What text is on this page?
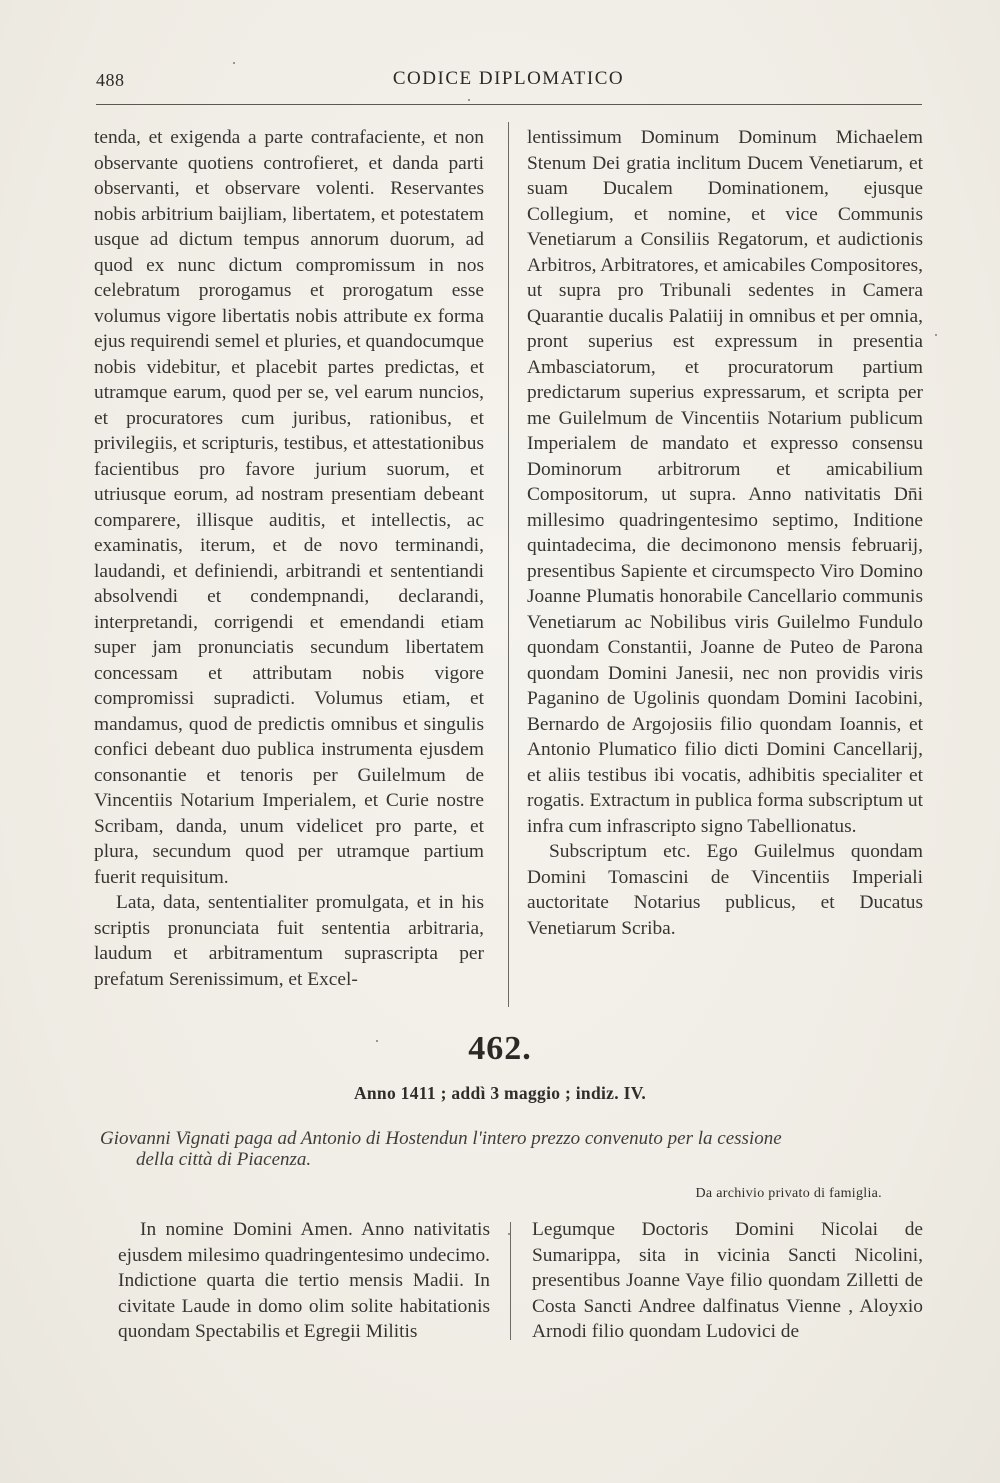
488	CODICE DIPLOMATICO

tenda, et exigenda a parte contrafaciente, et non observante quotiens controfieret, et danda parti observanti, et observare volenti. Reservantes nobis arbitrium baijliam, libertatem, et potestatem usque ad dictum tempus annorum duorum, ad quod ex nunc dictum compromissum in nos celebratum prorogamus et prorogatum esse volumus vigore libertatis nobis attribute ex forma ejus requirendi semel et pluries, et quandocumque nobis videbitur, et placebit partes predictas, et utramque earum, quod per se, vel earum nuncios, et procuratores cum juribus, rationibus, et privilegiis, et scripturis, testibus, et attestationibus facientibus pro favore jurium suorum, et utriusque eorum, ad nostram presentiam debeant comparere, illisque auditis, et intellectis, ac examinatis, iterum, et de novo terminandi, laudandi, et definiendi, arbitrandi et sententiandi absolvendi et condempnandi, declarandi, interpretandi, corrigendi et emendandi etiam super jam pronunciatis secundum libertatem concessam et attributam nobis vigore compromissi supradicti. Volumus etiam, et mandamus, quod de predictis omnibus et singulis confici debeant duo publica instrumenta ejusdem consonantie et tenoris per Guilelmum de Vincentiis Notarium Imperialem, et Curie nostre Scribam, danda, unum videlicet pro parte, et plura, secundum quod per utramque partium fuerit requisitum.

Lata, data, sententialiter promulgata, et in his scriptis pronunciata fuit sententia arbitraria, laudum et arbitramentum suprascripta per prefatum Serenissimum, et Excel-

lentissimum Dominum Dominum Michaelem Stenum Dei gratia inclitum Ducem Venetiarum, et suam Ducalem Dominationem, ejusque Collegium, et nomine, et vice Communis Venetiarum a Consiliis Regatorum, et audictionis Arbitros, Arbitratores, et amicabiles Compositores, ut supra pro Tribunali sedentes in Camera Quarantie ducalis Palatiij in omnibus et per omnia, pront superius est expressum in presentia Ambasciatorum, et procuratorum partium predictarum superius expressarum, et scripta per me Guilelmum de Vincentiis Notarium publicum Imperialem de mandato et expresso consensu Dominorum arbitrorum et amicabilium Compositorum, ut supra. Anno nativitatis Dn̄i millesimo quadringentesimo septimo, Inditione quintadecima, die decimonono mensis februarij, presentibus Sapiente et circumspecto Viro Domino Joanne Plumatis honorabile Cancellario communis Venetiarum ac Nobilibus viris Guilelmo Fundulo quondam Constantii, Joanne de Puteo de Parona quondam Domini Janesii, nec non providis viris Paganino de Ugolinis quondam Domini Iacobini, Bernardo de Argojosiis filio quondam Ioannis, et Antonio Plumatico filio dicti Domini Cancellarij, et aliis testibus ibi vocatis, adhibitis specialiter et rogatis. Extractum in publica forma subscriptum ut infra cum infrascripto signo Tabellionatus.

Subscriptum etc. Ego Guilelmus quondam Domini Tomascini de Vincentiis Imperiali auctoritate Notarius publicus, et Ducatus Venetiarum Scriba.

462.
Anno 1411 ; addì 3 maggio ; indiz. IV.
Giovanni Vignati paga ad Antonio di Hostendun l'intero prezzo convenuto per la cessione
della città di Piacenza.
Da archivio privato di famiglia.

In nomine Domini Amen. Anno nativitatis ejusdem milesimo quadringentesimo undecimo. Indictione quarta die tertio mensis Madii. In civitate Laude in domo olim solite habitationis quondam Spectabilis et Egregii Militis

Legumque Doctoris Domini Nicolai de Sumarippa, sita in vicinia Sancti Nicolini, presentibus Joanne Vaye filio quondam Zilletti de Costa Sancti Andree dalfinatus Vienne , Aloyxio Arnodi filio quondam Ludovici de
